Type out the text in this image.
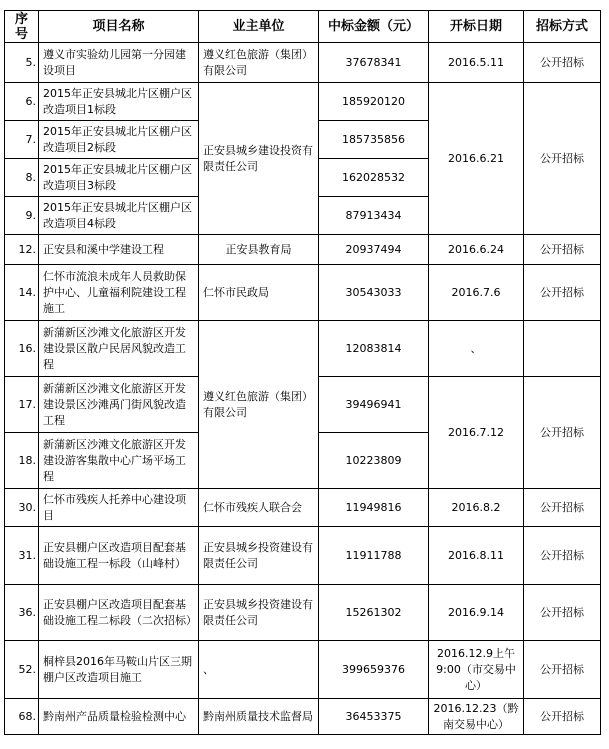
序号	项目名称	业主单位	中标金额（元）	开标日期	招标方式
5.	遵义市实验幼儿园第一分园建设项目	遵义红色旅游（集团）有限公司	37678341	2016.5.11	公开招标
6.	2015年正安县城北片区棚户区改造项目1标段	正安县城乡建设投资有限责任公司	185920120	2016.6.21	公开招标
7.	2015年正安县城北片区棚户区改造项目2标段		185735856		
8.	2015年正安县城北片区棚户区改造项目3标段		162028532		
9.	2015年正安县城北片区棚户区改造项目4标段		87913434		
12.	正安县和溪中学建设工程	正安县教育局	20937494	2016.6.24	公开招标
14.	仁怀市流浪未成年人员救助保护中心、儿童福利院建设工程施工	仁怀市民政局	30543033	2016.7.6	公开招标
16.	新蒲新区沙滩文化旅游区开发建设景区散户民居风貌改造工程	遵义红色旅游（集团）有限公司	12083814	、	
17.	新蒲新区沙滩文化旅游区开发建设景区沙滩禹门街风貌改造工程		39496941	2016.7.12	公开招标
18.	新蒲新区沙滩文化旅游区开发建设游客集散中心广场平场工程		10223809		
30.	仁怀市残疾人托养中心建设项目	仁怀市残疾人联合会	11949816	2016.8.2	公开招标
31.	正安县棚户区改造项目配套基础设施工程一标段（山峰村）	正安县城乡投资建设有限责任公司	11911788	2016.8.11	公开招标
36.	正安县棚户区改造项目配套基础设施工程二标段（二次招标）	正安县城乡投资建设有限责任公司	15261302	2016.9.14	公开招标
52.	桐梓县2016年马鞍山片区三期棚户区改造项目施工	、	399659376	2016.12.9上午9:00（市交易中心）	公开招标
68.	黔南州产品质量检验检测中心	黔南州质量技术监督局	36453375	2016.12.23（黔南交易中心）	公开招标
